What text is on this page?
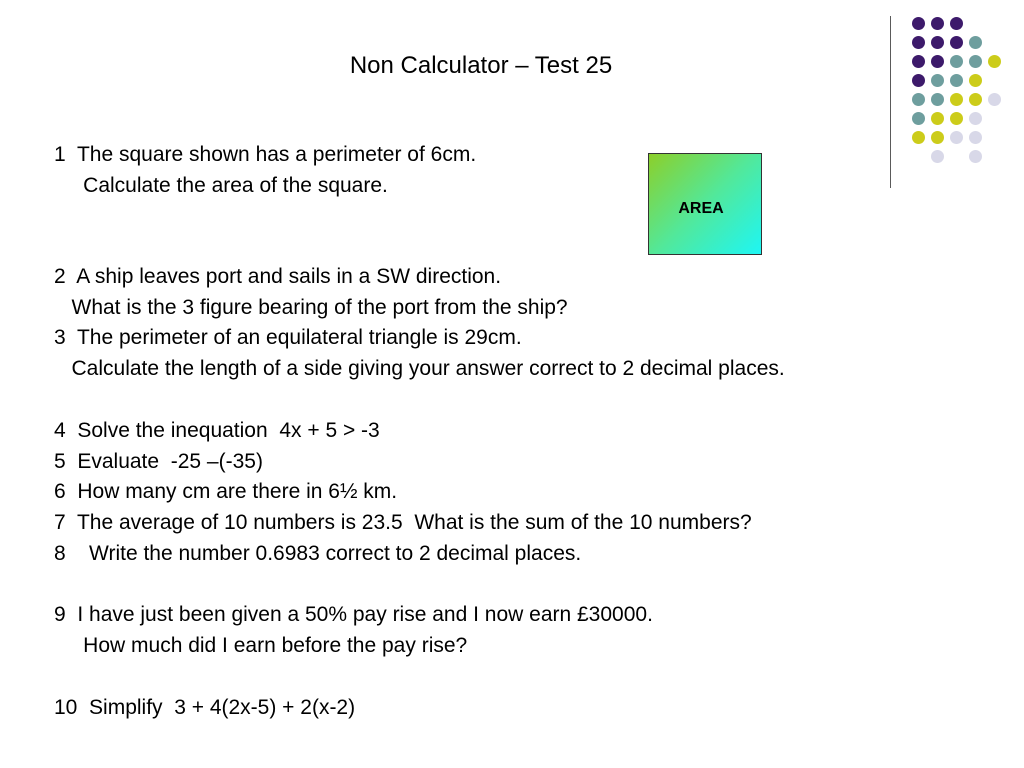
Non Calculator – Test 25
1  The square shown has a perimeter of 6cm.
Calculate the area of the square.
AREA
2  A ship leaves port and sails in a SW direction.
What is the 3 figure bearing of the port from the ship?
3  The perimeter of an equilateral triangle is 29cm.
Calculate the length of a side giving your answer correct to 2 decimal places.
4  Solve the inequation  4x + 5 > -3
5  Evaluate  -25 –(-35)
6  How many cm are there in 6½ km.
7  The average of 10 numbers is 23.5  What is the sum of the 10 numbers?
8    Write the number 0.6983 correct to 2 decimal places.
9  I have just been given a 50% pay rise and I now earn £30000.
How much did I earn before the pay rise?
10  Simplify  3 + 4(2x-5) + 2(x-2)
